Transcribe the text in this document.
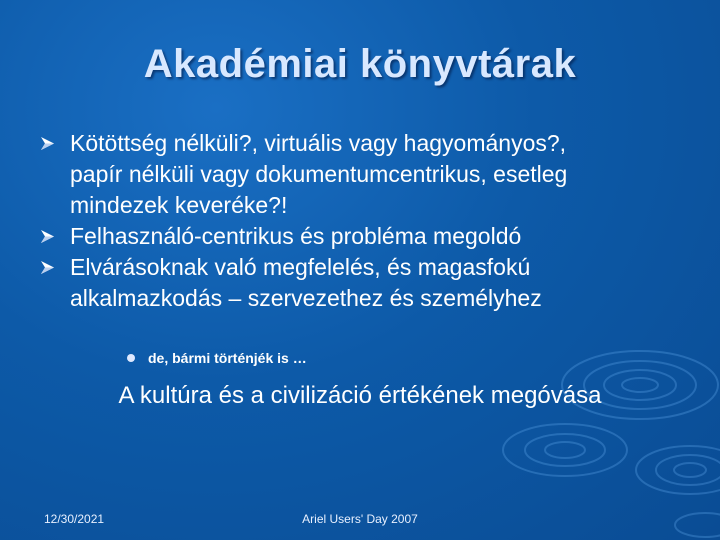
Akadémiai könyvtárak
Kötöttség nélküli?, virtuális vagy hagyományos?,
papír nélküli vagy dokumentumcentrikus, esetleg
mindezek keveréke?!
Felhasználó-centrikus és probléma megoldó
Elvárásoknak való megfelelés, és magasfokú
alkalmazkodás – szervezethez és személyhez
de, bármi történjék is …
A kultúra és a civilizáció értékének megóvása
12/30/2021	Ariel Users' Day 2007
